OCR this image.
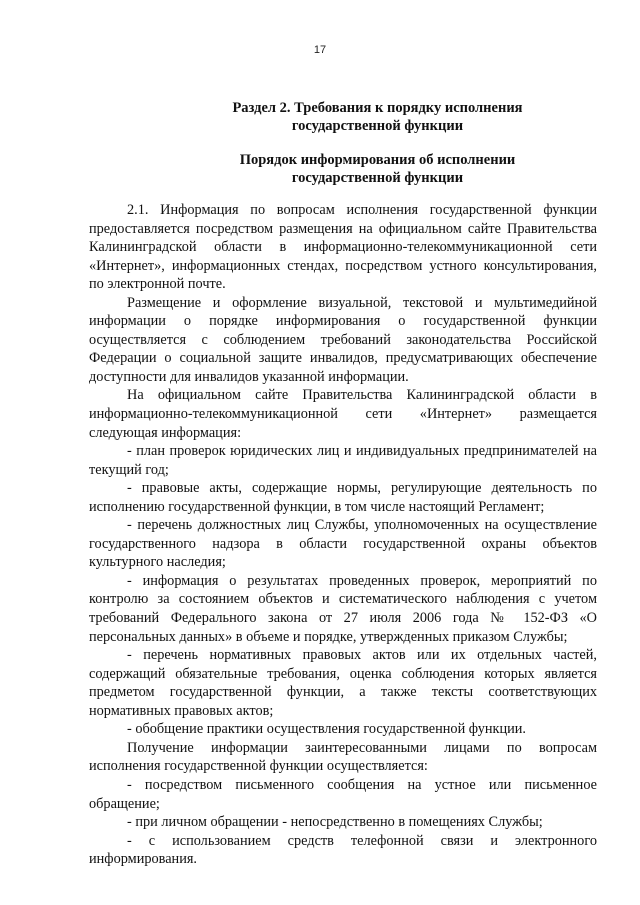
17
Раздел 2. Требования к порядку исполнения
государственной функции
Порядок информирования об исполнении
государственной функции

2.1. Информация по вопросам исполнения государственной функции предоставляется посредством размещения на официальном сайте Правительства Калининградской области в информационно-телекоммуникационной сети «Интернет», информационных стендах, посредством устного консультирования, по электронной почте.

Размещение и оформление визуальной, текстовой и мультимедийной информации о порядке информирования о государственной функции осуществляется с соблюдением требований законодательства Российской Федерации о социальной защите инвалидов, предусматривающих обеспечение доступности для инвалидов указанной информации.

На официальном сайте Правительства Калининградской области в информационно-телекоммуникационной сети «Интернет» размещается следующая информация:

- план проверок юридических лиц и индивидуальных предпринимателей на текущий год;

- правовые акты, содержащие нормы, регулирующие деятельность по исполнению государственной функции, в том числе настоящий Регламент;

- перечень должностных лиц Службы, уполномоченных на осуществление государственного надзора в области государственной охраны объектов культурного наследия;

- информация о результатах проведенных проверок, мероприятий по контролю за состоянием объектов и систематического наблюдения с учетом требований Федерального закона от 27 июля 2006 года № 152-ФЗ «О персональных данных» в объеме и порядке, утвержденных приказом Службы;

- перечень нормативных правовых актов или их отдельных частей, содержащий обязательные требования, оценка соблюдения которых является предметом государственной функции, а также тексты соответствующих нормативных правовых актов;

- обобщение практики осуществления государственной функции.

Получение информации заинтересованными лицами по вопросам исполнения государственной функции осуществляется:

- посредством письменного сообщения на устное или письменное обращение;

- при личном обращении - непосредственно в помещениях Службы;

- с использованием средств телефонной связи и электронного информирования.
